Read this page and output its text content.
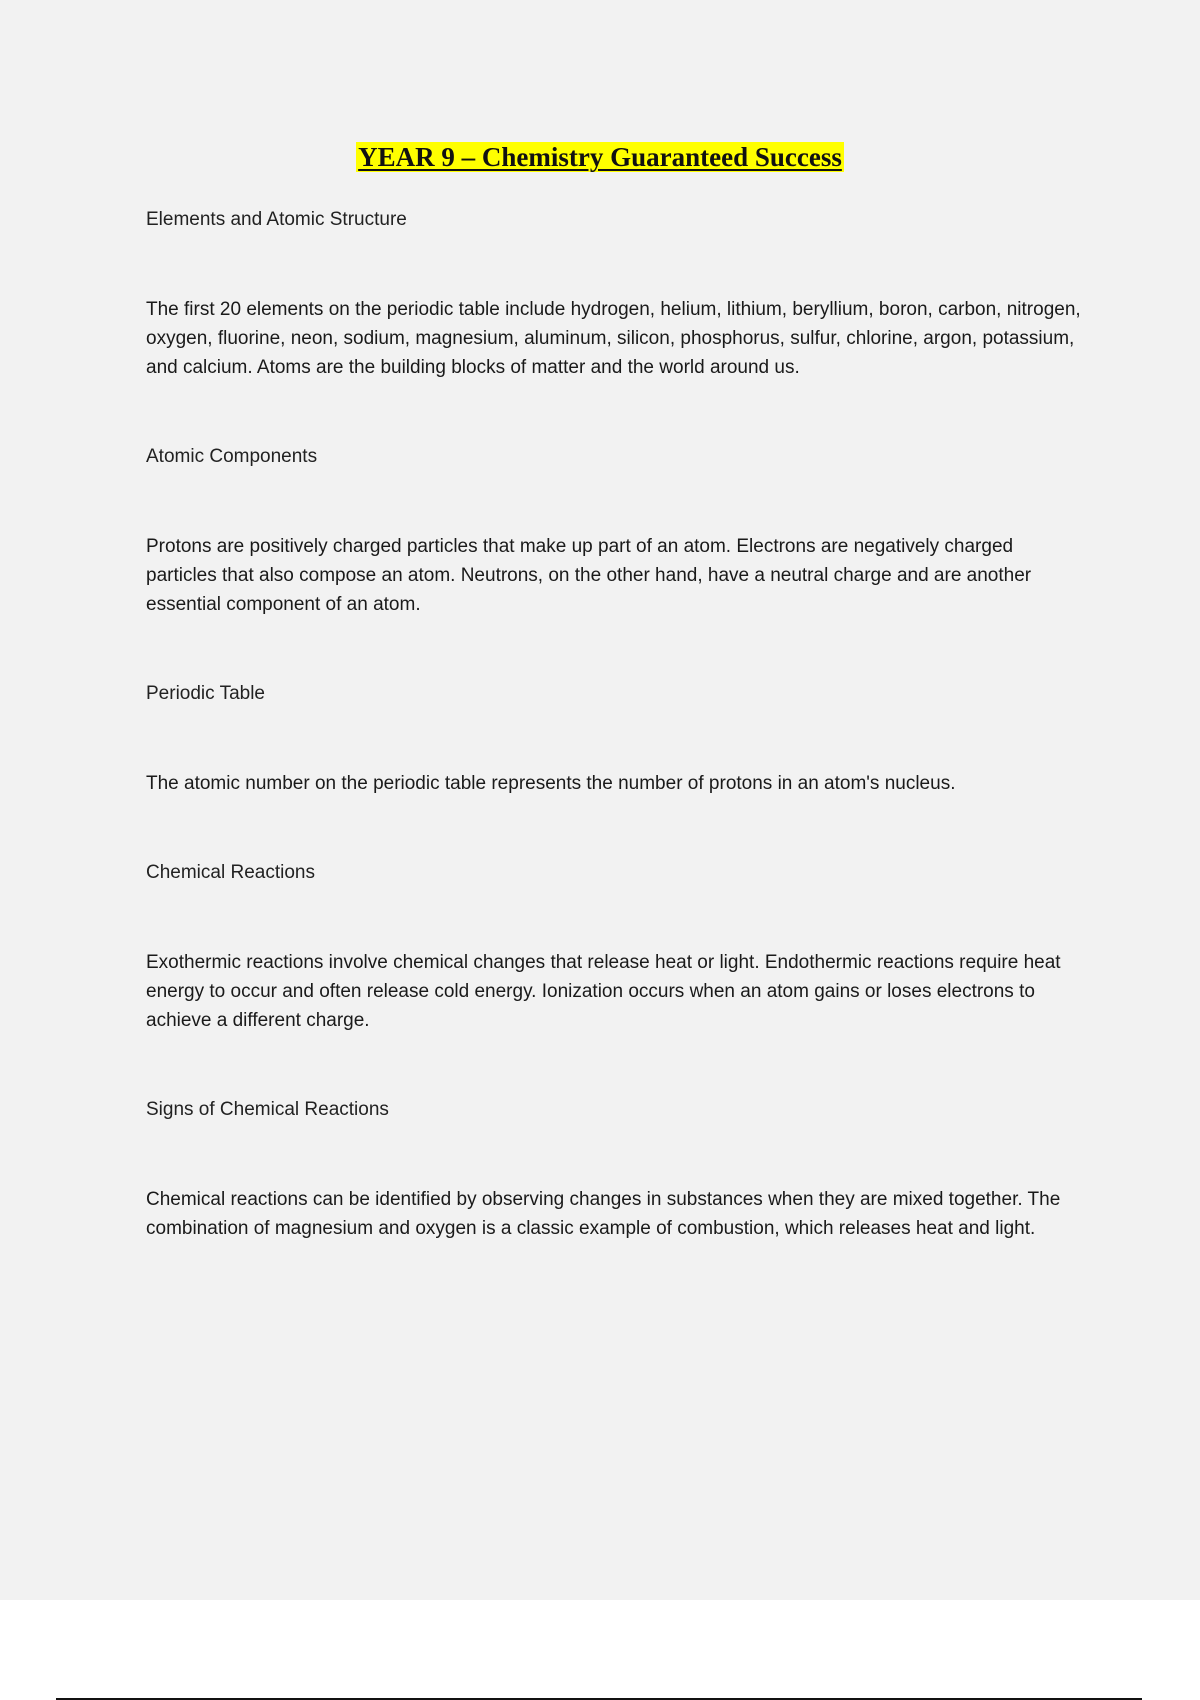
YEAR 9 – Chemistry Guaranteed Success
Elements and Atomic Structure
The first 20 elements on the periodic table include hydrogen, helium, lithium, beryllium, boron, carbon, nitrogen, oxygen, fluorine, neon, sodium, magnesium, aluminum, silicon, phosphorus, sulfur, chlorine, argon, potassium, and calcium. Atoms are the building blocks of matter and the world around us.
Atomic Components
Protons are positively charged particles that make up part of an atom. Electrons are negatively charged particles that also compose an atom. Neutrons, on the other hand, have a neutral charge and are another essential component of an atom.
Periodic Table
The atomic number on the periodic table represents the number of protons in an atom's nucleus.
Chemical Reactions
Exothermic reactions involve chemical changes that release heat or light. Endothermic reactions require heat energy to occur and often release cold energy. Ionization occurs when an atom gains or loses electrons to achieve a different charge.
Signs of Chemical Reactions
Chemical reactions can be identified by observing changes in substances when they are mixed together. The combination of magnesium and oxygen is a classic example of combustion, which releases heat and light.
